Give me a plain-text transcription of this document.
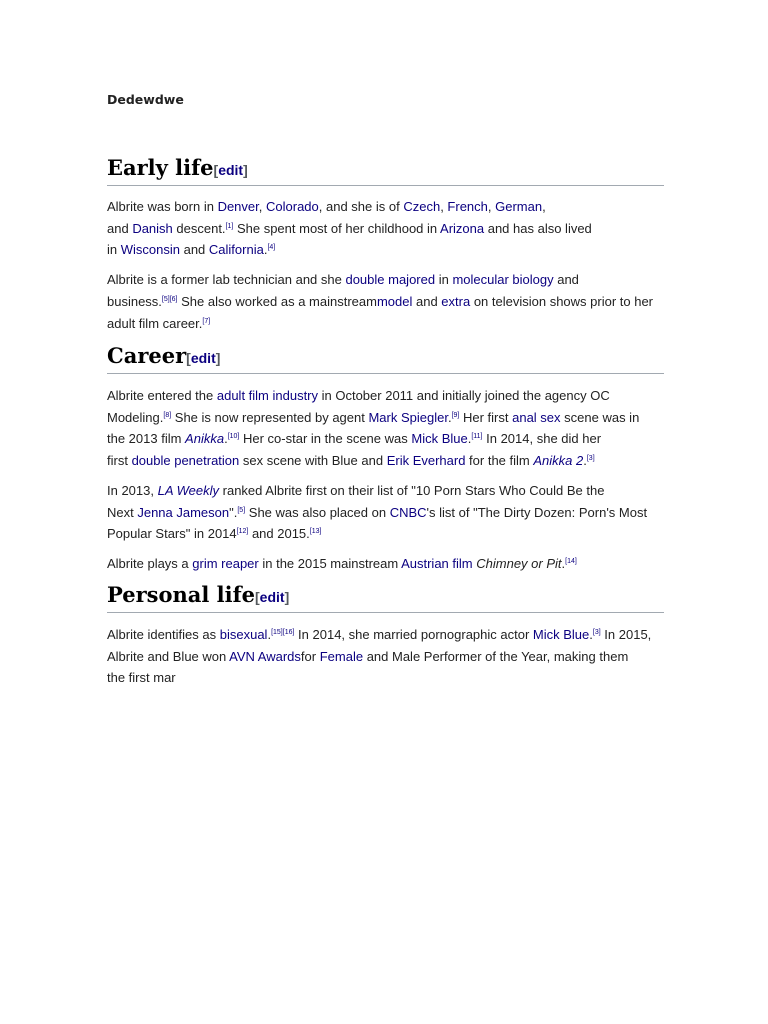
Dedewdwe
Early life[edit]

Albrite was born in Denver, Colorado, and she is of Czech, French, German,
and Danish descent.[1] She spent most of her childhood in Arizona and has also lived
in Wisconsin and California.[4]

Albrite is a former lab technician and she double majored in molecular biology and
business.[5][6] She also worked as a mainstreammodel and extra on television shows prior to her
adult film career.[7]

Career[edit]

Albrite entered the adult film industry in October 2011 and initially joined the agency OC
Modeling.[8] She is now represented by agent Mark Spiegler.[9] Her first anal sex scene was in
the 2013 film Anikka.[10] Her co-star in the scene was Mick Blue.[11] In 2014, she did her
first double penetration sex scene with Blue and Erik Everhard for the film Anikka 2.[3]

In 2013, LA Weekly ranked Albrite first on their list of "10 Porn Stars Who Could Be the
Next Jenna Jameson".[5] She was also placed on CNBC's list of "The Dirty Dozen: Porn's Most
Popular Stars" in 2014[12] and 2015.[13]

Albrite plays a grim reaper in the 2015 mainstream Austrian film Chimney or Pit.[14]

Personal life[edit]

Albrite identifies as bisexual.[15][16] In 2014, she married pornographic actor Mick Blue.[3] In 2015,
Albrite and Blue won AVN Awardsfor Female and Male Performer of the Year, making them
the first mar
